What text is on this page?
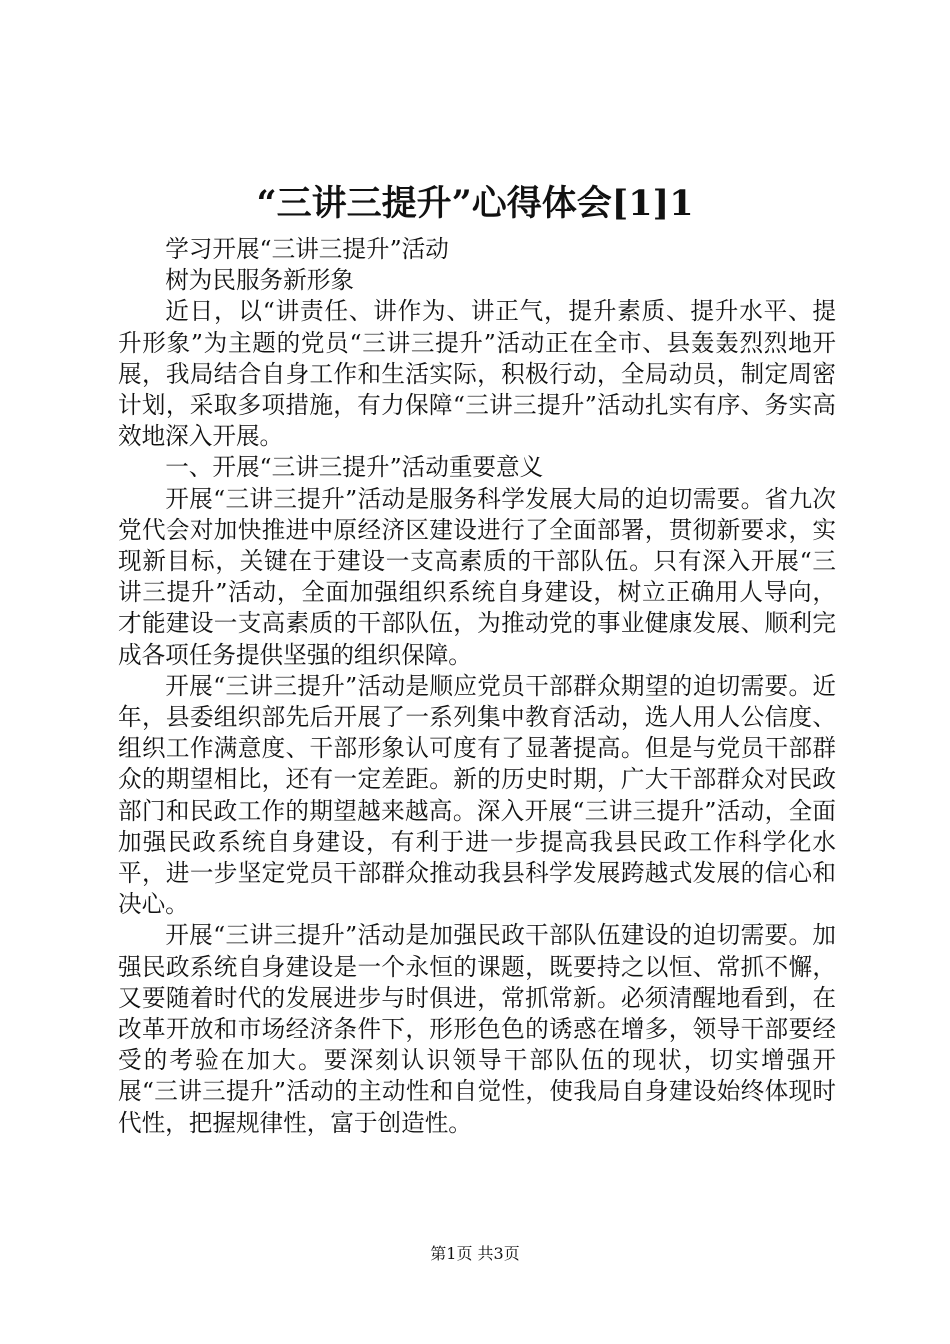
“三讲三提升”心得体会[1]1

学习开展“三讲三提升”活动

树为民服务新形象

近日，以“讲责任、讲作为、讲正气，提升素质、提升水平、提升形象”为主题的党员“三讲三提升”活动正在全市、县轰轰烈烈地开展，我局结合自身工作和生活实际，积极行动，全局动员，制定周密计划，采取多项措施，有力保障“三讲三提升”活动扎实有序、务实高效地深入开展。

一、开展“三讲三提升”活动重要意义

开展“三讲三提升”活动是服务科学发展大局的迫切需要。省九次党代会对加快推进中原经济区建设进行了全面部署，贯彻新要求，实现新目标，关键在于建设一支高素质的干部队伍。只有深入开展“三讲三提升”活动，全面加强组织系统自身建设，树立正确用人导向，才能建设一支高素质的干部队伍，为推动党的事业健康发展、顺利完成各项任务提供坚强的组织保障。

开展“三讲三提升”活动是顺应党员干部群众期望的迫切需要。近年，县委组织部先后开展了一系列集中教育活动，选人用人公信度、组织工作满意度、干部形象认可度有了显著提高。但是与党员干部群众的期望相比，还有一定差距。新的历史时期，广大干部群众对民政部门和民政工作的期望越来越高。深入开展“三讲三提升”活动，全面加强民政系统自身建设，有利于进一步提高我县民政工作科学化水平，进一步坚定党员干部群众推动我县科学发展跨越式发展的信心和决心。

开展“三讲三提升”活动是加强民政干部队伍建设的迫切需要。加强民政系统自身建设是一个永恒的课题，既要持之以恒、常抓不懈，又要随着时代的发展进步与时俱进，常抓常新。必须清醒地看到，在改革开放和市场经济条件下，形形色色的诱惑在增多，领导干部要经受的考验在加大。要深刻认识领导干部队伍的现状，切实增强开展“三讲三提升”活动的主动性和自觉性，使我局自身建设始终体现时代性，把握规律性，富于创造性。

第1页 共3页
